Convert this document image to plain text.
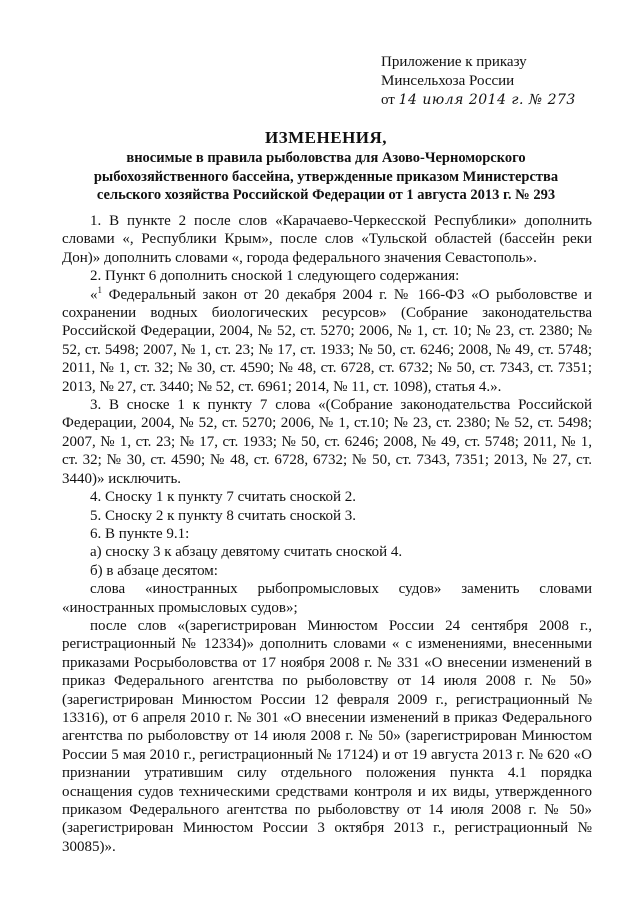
Приложение к приказу
Минсельхоза России
от 14 июля 2014 г. № 273
ИЗМЕНЕНИЯ,
вносимые в правила рыболовства для Азово-Черноморского рыбохозяйственного бассейна, утвержденные приказом Министерства сельского хозяйства Российской Федерации от 1 августа 2013 г. № 293

1. В пункте 2 после слов «Карачаево-Черкесской Республики» дополнить словами «, Республики Крым», после слов «Тульской областей (бассейн реки Дон)» дополнить словами «, города федерального значения Севастополь».

2. Пункт 6 дополнить сноской 1 следующего содержания:

«$^1$ Федеральный закон от 20 декабря 2004 г. № 166-ФЗ «О рыболовстве и сохранении водных биологических ресурсов» (Собрание законодательства Российской Федерации, 2004, № 52, ст. 5270; 2006, № 1, ст. 10; № 23, ст. 2380; № 52, ст. 5498; 2007, № 1, ст. 23; № 17, ст. 1933; № 50, ст. 6246; 2008, № 49, ст. 5748; 2011, № 1, ст. 32; № 30, ст. 4590; № 48, ст. 6728, ст. 6732; № 50, ст. 7343, ст. 7351; 2013, № 27, ст. 3440; № 52, ст. 6961; 2014, № 11, ст. 1098), статья 4.».

3. В сноске 1 к пункту 7 слова «(Собрание законодательства Российской Федерации, 2004, № 52, ст. 5270; 2006, № 1, ст.10; № 23, ст. 2380; № 52, ст. 5498; 2007, № 1, ст. 23; № 17, ст. 1933; № 50, ст. 6246; 2008, № 49, ст. 5748; 2011, № 1, ст. 32; № 30, ст. 4590; № 48, ст. 6728, 6732; № 50, ст. 7343, 7351; 2013, № 27, ст. 3440)» исключить.

4. Сноску 1 к пункту 7 считать сноской 2.

5. Сноску 2 к пункту 8 считать сноской 3.

6. В пункте 9.1:

а) сноску 3 к абзацу девятому считать сноской 4.

б) в абзаце десятом:

слова «иностранных рыбопромысловых судов» заменить словами «иностранных промысловых судов»;

после слов «(зарегистрирован Минюстом России 24 сентября 2008 г., регистрационный № 12334)» дополнить словами « с изменениями, внесенными приказами Росрыболовства от 17 ноября 2008 г. № 331 «О внесении изменений в приказ Федерального агентства по рыболовству от 14 июля 2008 г. № 50» (зарегистрирован Минюстом России 12 февраля 2009 г., регистрационный № 13316), от 6 апреля 2010 г. № 301 «О внесении изменений в приказ Федерального агентства по рыболовству от 14 июля 2008 г. № 50» (зарегистрирован Минюстом России 5 мая 2010 г., регистрационный № 17124) и от 19 августа 2013 г. № 620 «О признании утратившим силу отдельного положения пункта 4.1 порядка оснащения судов техническими средствами контроля и их виды, утвержденного приказом Федерального агентства по рыболовству от 14 июля 2008 г. № 50» (зарегистрирован Минюстом России 3 октября 2013 г., регистрационный № 30085)».
